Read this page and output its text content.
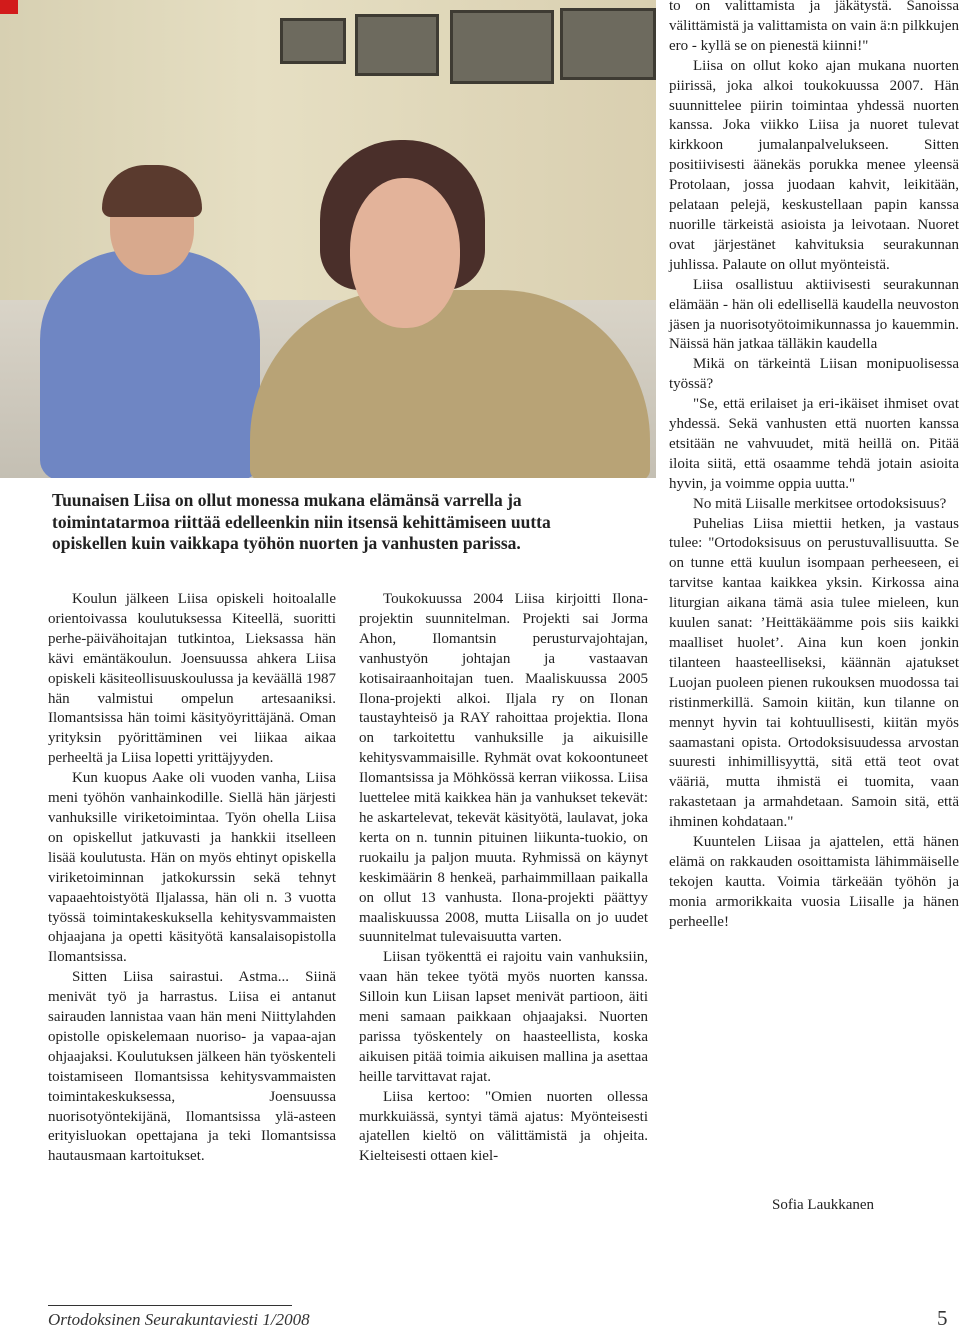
Tuunaisen Liisa on ollut monessa mukana elämänsä varrella ja toimintatarmoa riittää edelleenkin niin itsensä kehittämiseen uutta opiskellen kuin vaikkapa työhön nuorten ja vanhusten parissa.

Koulun jälkeen Liisa opiskeli hoitoalalle orientoivassa koulutuksessa Kiteellä, suoritti perhe-päivähoitajan tutkintoa, Lieksassa hän kävi emäntäkoulun. Joensuussa ahkera Liisa opiskeli käsiteollisuuskoulussa ja keväällä 1987 hän valmistui ompelun artesaaniksi. Ilomantsissa hän toimi käsityöyrittäjänä. Oman yrityksin pyörittäminen vei liikaa aikaa perheeltä ja Liisa lopetti yrittäjyyden.

Kun kuopus Aake oli vuoden vanha, Liisa meni työhön vanhainkodille. Siellä hän järjesti vanhuksille viriketoimintaa. Työn ohella Liisa on opiskellut jatkuvasti ja hankkii itselleen lisää koulutusta. Hän on myös ehtinyt opiskella viriketoiminnan jatkokurssin sekä tehnyt vapaaehtoistyötä Iljalassa, hän oli n. 3 vuotta työssä toimintakeskuksella kehitysvammaisten ohjaajana ja opetti käsityötä kansalaisopistolla Ilomantsissa.

Sitten Liisa sairastui. Astma... Siinä menivät työ ja harrastus. Liisa ei antanut sairauden lannistaa vaan hän meni Niittylahden opistolle opiskelemaan nuoriso- ja vapaa-ajan ohjaajaksi. Koulutuksen jälkeen hän työskenteli toistamiseen Ilomantsissa kehitysvammaisten toimintakeskuksessa, Joensuussa nuorisotyöntekijänä, Ilomantsissa ylä-asteen erityisluokan opettajana ja teki Ilomantsissa hautausmaan kartoitukset.

Toukokuussa 2004 Liisa kirjoitti Ilona-projektin suunnitelman. Projekti sai Jorma Ahon, Ilomantsin perusturvajohtajan, vanhustyön johtajan ja vastaavan kotisairaanhoitajan tuen. Maaliskuussa 2005 Ilona-projekti alkoi. Iljala ry on Ilonan taustayhteisö ja RAY rahoittaa projektia. Ilona on tarkoitettu vanhuksille ja aikuisille kehitysvammaisille. Ryhmät ovat kokoontuneet Ilomantsissa ja Möhkössä kerran viikossa. Liisa luettelee mitä kaikkea hän ja vanhukset tekevät: he askartelevat, tekevät käsityötä, laulavat, joka kerta on n. tunnin pituinen liikunta-tuokio, on ruokailu ja paljon muuta. Ryhmissä on käynyt keskimäärin 8 henkeä, parhaimmillaan paikalla on ollut 13 vanhusta. Ilona-projekti päättyy maaliskuussa 2008, mutta Liisalla on jo uudet suunnitelmat tulevaisuutta varten.

Liisan työkenttä ei rajoitu vain vanhuksiin, vaan hän tekee työtä myös nuorten kanssa. Silloin kun Liisan lapset menivät partioon, äiti meni samaan paikkaan ohjaajaksi. Nuorten parissa työskentely on haasteellista, koska aikuisen pitää toimia aikuisen mallina ja asettaa heille tarvittavat rajat.

Liisa kertoo: "Omien nuorten ollessa murkkuiässä, syntyi tämä ajatus: Myönteisesti ajatellen kieltö on välittämistä ja ohjeita. Kielteisesti ottaen kiel-

to on valittamista ja jäkätystä. Sanoissa välittämistä ja valittamista on vain ä:n pilkkujen ero - kyllä se on pienestä kiinni!"

Liisa on ollut koko ajan mukana nuorten piirissä, joka alkoi toukokuussa 2007. Hän suunnittelee piirin toimintaa yhdessä nuorten kanssa. Joka viikko Liisa ja nuoret tulevat kirkkoon jumalanpalvelukseen. Sitten positiivisesti äänekäs porukka menee yleensä Protolaan, jossa juodaan kahvit, leikitään, pelataan pelejä, keskustellaan papin kanssa nuorille tärkeistä asioista ja leivotaan. Nuoret ovat järjestänet kahvituksia seurakunnan juhlissa. Palaute on ollut myönteistä.

Liisa osallistuu aktiivisesti seurakunnan elämään - hän oli edellisellä kaudella neuvoston jäsen ja nuorisotyötoimikunnassa jo kauemmin. Näissä hän jatkaa tälläkin kaudella

Mikä on tärkeintä Liisan monipuolisessa työssä?

"Se, että erilaiset ja eri-ikäiset ihmiset ovat yhdessä. Sekä vanhusten että nuorten kanssa etsitään ne vahvuudet, mitä heillä on. Pitää iloita siitä, että osaamme tehdä jotain asioita hyvin, ja voimme oppia uutta."

No mitä Liisalle merkitsee ortodoksisuus?

Puhelias Liisa miettii hetken, ja vastaus tulee: "Ortodoksisuus on perustuvallisuutta. Se on tunne että kuulun isompaan perheeseen, ei tarvitse kantaa kaikkea yksin. Kirkossa aina liturgian aikana tämä asia tulee mieleen, kun kuulen sanat: ’Heittäkäämme pois siis kaikki maalliset huolet’. Aina kun koen jonkin tilanteen haasteelliseksi, käännän ajatukset Luojan puoleen pienen rukouksen muodossa tai ristinmerkillä. Samoin kiitän, kun tilanne on mennyt hyvin tai kohtuullisesti, kiitän myös saamastani opista. Ortodoksisuudessa arvostan suuresti inhimillisyyttä, sitä että teot ovat vääriä, mutta ihmistä ei tuomita, vaan rakastetaan ja armahdetaan. Samoin sitä, että ihminen kohdataan."

Kuuntelen Liisaa ja ajattelen, että hänen elämä on rakkauden osoittamista lähimmäiselle tekojen kautta. Voimia tärkeään työhön ja monia armorikkaita vuosia Liisalle ja hänen perheelle!

Sofia Laukkanen
Ortodoksinen Seurakuntaviesti 1/2008	5
